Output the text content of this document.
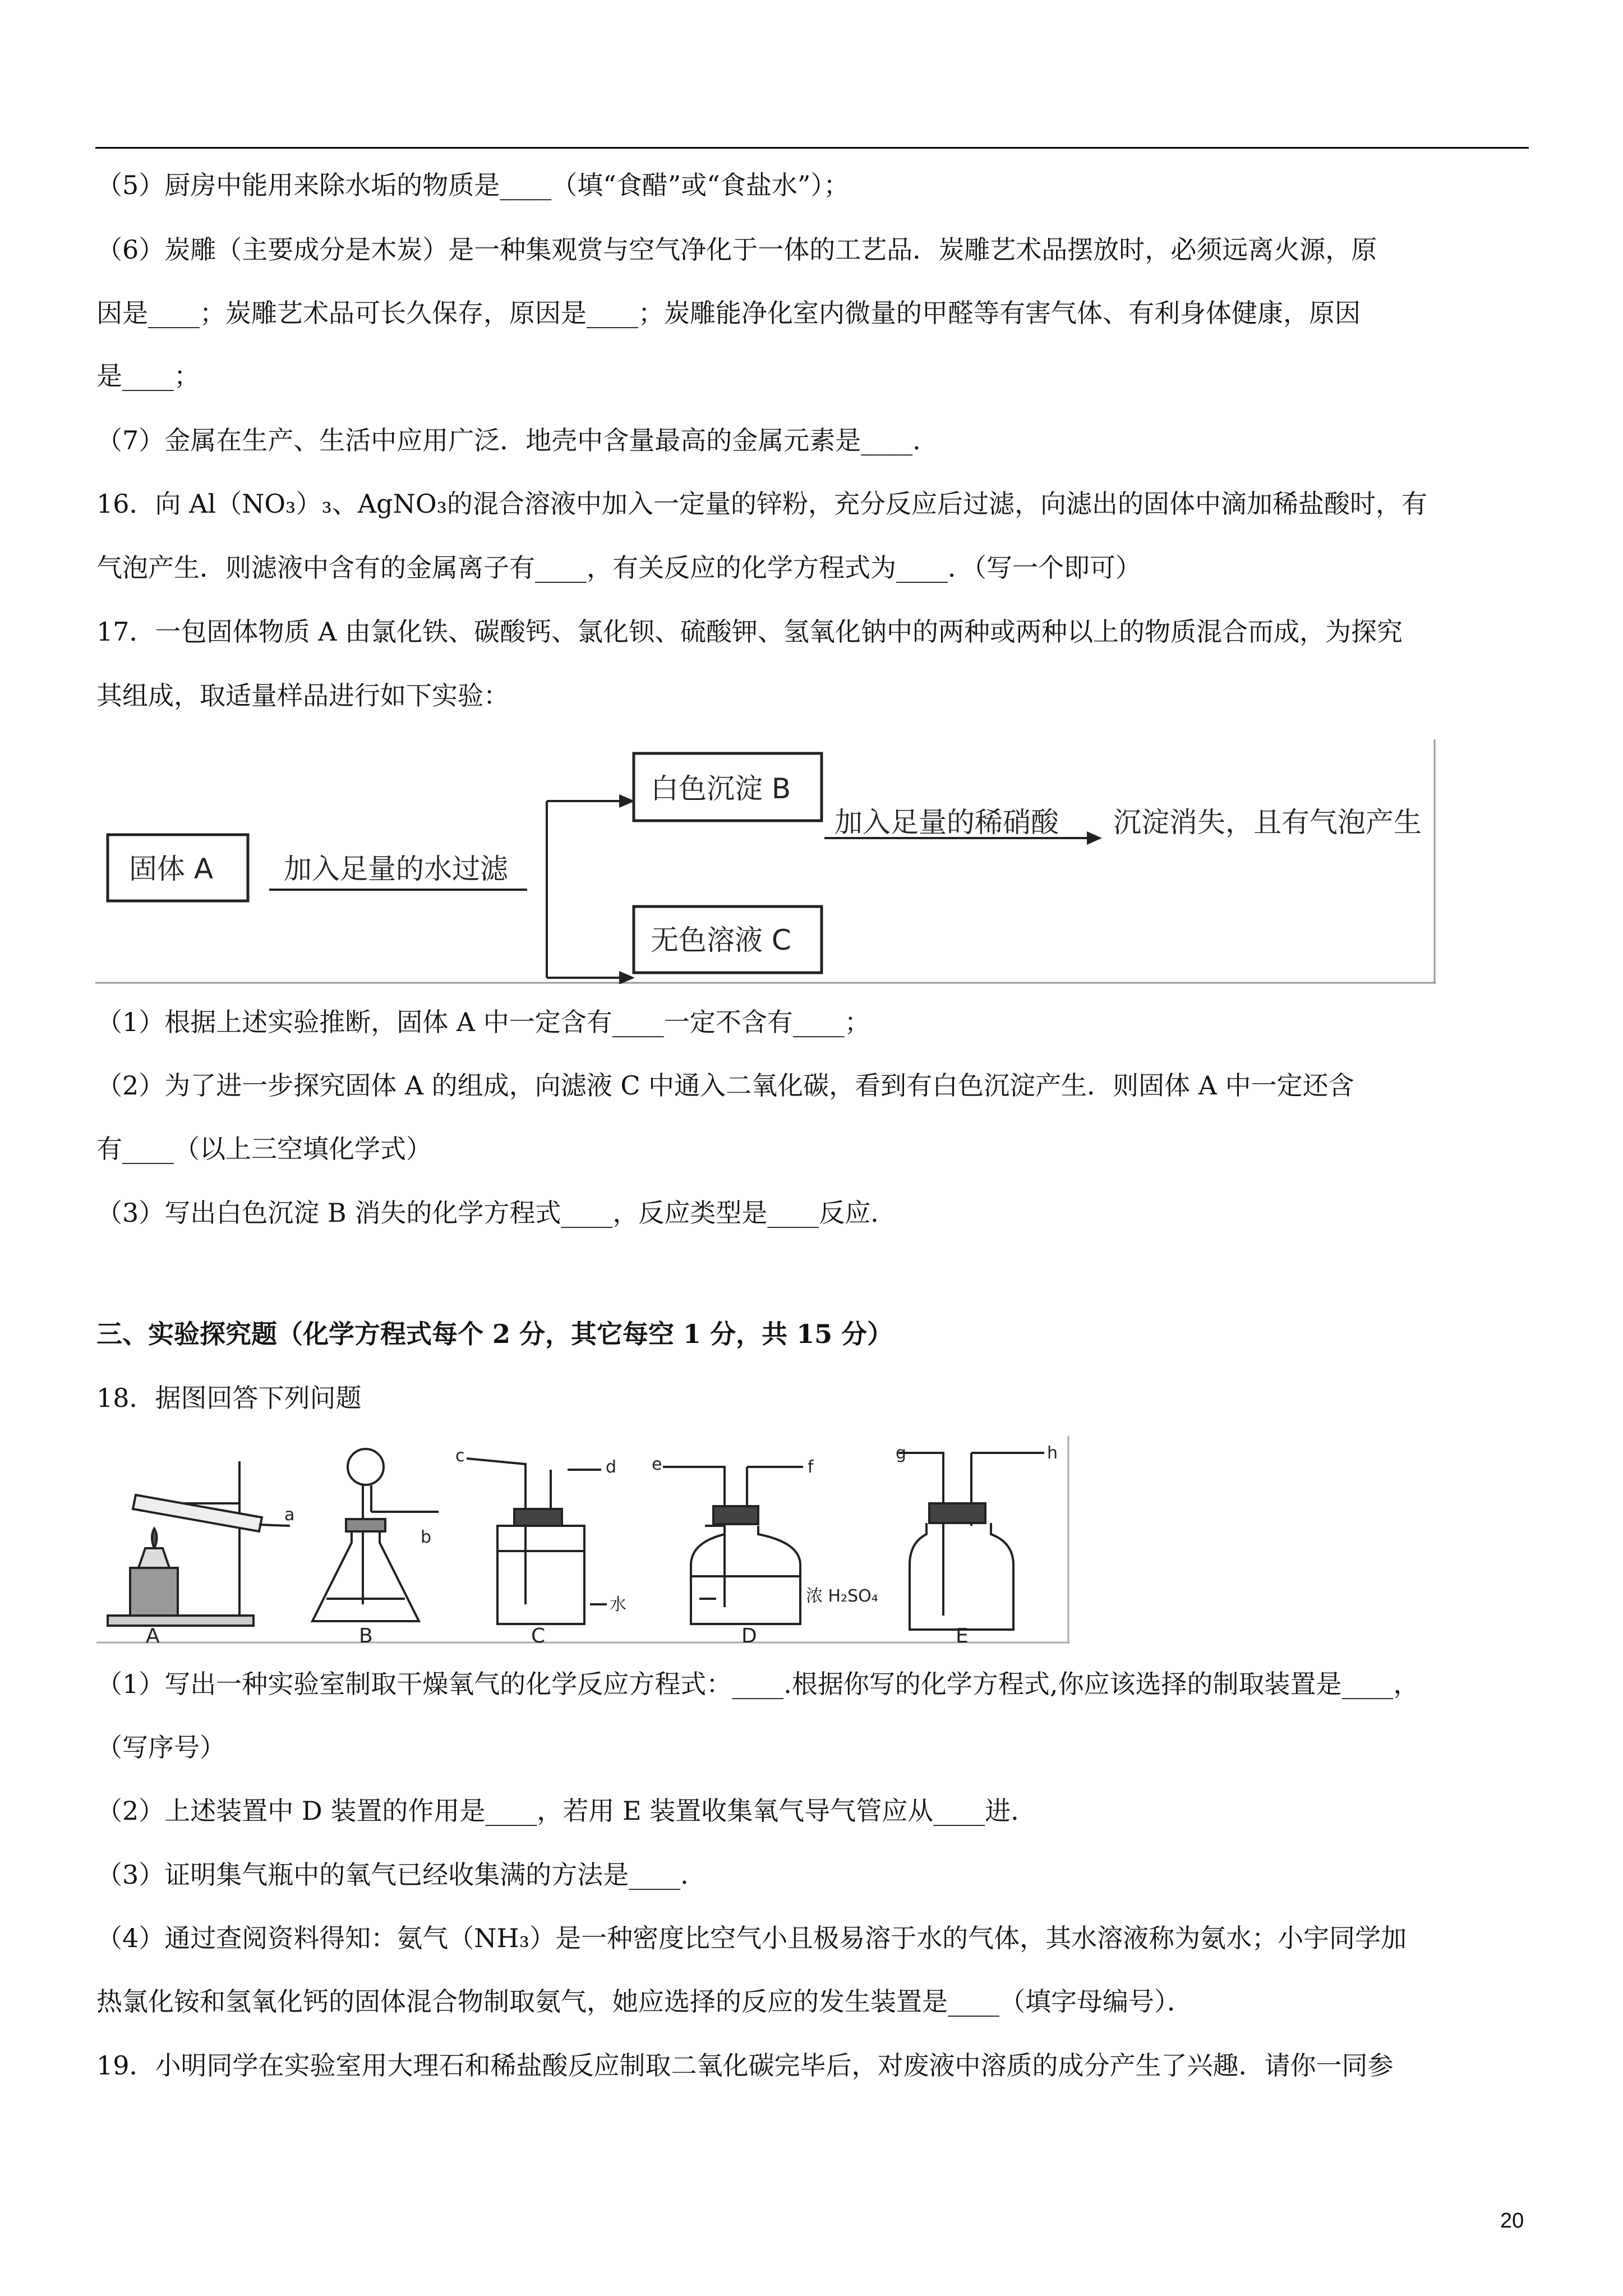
（5）厨房中能用来除水垢的物质是____（填“食醋”或“食盐水”）；
（6）炭雕（主要成分是木炭）是一种集观赏与空气净化于一体的工艺品．炭雕艺术品摆放时，必须远离火源，原
因是____；炭雕艺术品可长久保存，原因是____；炭雕能净化室内微量的甲醛等有害气体、有利身体健康，原因
是____；
（7）金属在生产、生活中应用广泛．地壳中含量最高的金属元素是____．
16．向 Al（NO₃）₃、AgNO₃的混合溶液中加入一定量的锌粉，充分反应后过滤，向滤出的固体中滴加稀盐酸时，有
气泡产生．则滤液中含有的金属离子有____，有关反应的化学方程式为____．（写一个即可）
17．一包固体物质 A 由氯化铁、碳酸钙、氯化钡、硫酸钾、氢氧化钠中的两种或两种以上的物质混合而成，为探究
其组成，取适量样品进行如下实验：
固体 A	加入足量的水过滤
白色沉淀 B
无色溶液 C
加入足量的稀硝酸 沉淀消失，且有气泡产生
（1）根据上述实验推断，固体 A 中一定含有____一定不含有____；
（2）为了进一步探究固体 A 的组成，向滤液 C 中通入二氧化碳，看到有白色沉淀产生．则固体 A 中一定还含
有____（以上三空填化学式）
（3）写出白色沉淀 B 消失的化学方程式____，反应类型是____反应．
三、实验探究题（化学方程式每个 2 分，其它每空 1 分，共 15 分）
18．据图回答下列问题
a
A
b
B
c
d
水
C
e	f
浓 H₂SO₄
D
g	h
E
（1）写出一种实验室制取干燥氧气的化学反应方程式：____.根据你写的化学方程式,你应该选择的制取装置是____，
（写序号）
（2）上述装置中 D 装置的作用是____，若用 E 装置收集氧气导气管应从____进．
（3）证明集气瓶中的氧气已经收集满的方法是____．
（4）通过查阅资料得知：氨气（NH₃）是一种密度比空气小且极易溶于水的气体，其水溶液称为氨水；小宇同学加
热氯化铵和氢氧化钙的固体混合物制取氨气，她应选择的反应的发生装置是____（填字母编号）．
19．小明同学在实验室用大理石和稀盐酸反应制取二氧化碳完毕后，对废液中溶质的成分产生了兴趣．请你一同参
20
